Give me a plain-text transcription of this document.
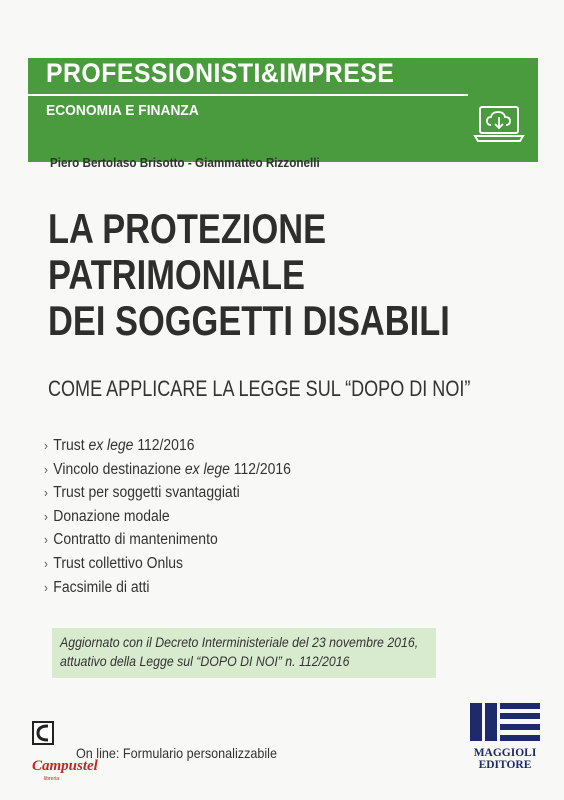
PROFESSIONISTI&IMPRESE
ECONOMIA E FINANZA
Piero Bertolaso Brisotto - Giammatteo Rizzonelli
LA PROTEZIONE
PATRIMONIALE
DEI SOGGETTI DISABILI
COME APPLICARE LA LEGGE SUL “DOPO DI NOI”
› Trust ex lege 112/2016
› Vincolo destinazione ex lege 112/2016
› Trust per soggetti svantaggiati
› Donazione modale
› Contratto di mantenimento
› Trust collettivo Onlus
› Facsimile di atti
Aggiornato con il Decreto Interministeriale del 23 novembre 2016,
attuativo della Legge sul “DOPO DI NOI” n. 112/2016
Campustel
libreria
On line: Formulario personalizzabile	MAGGIOLI
EDITORE
